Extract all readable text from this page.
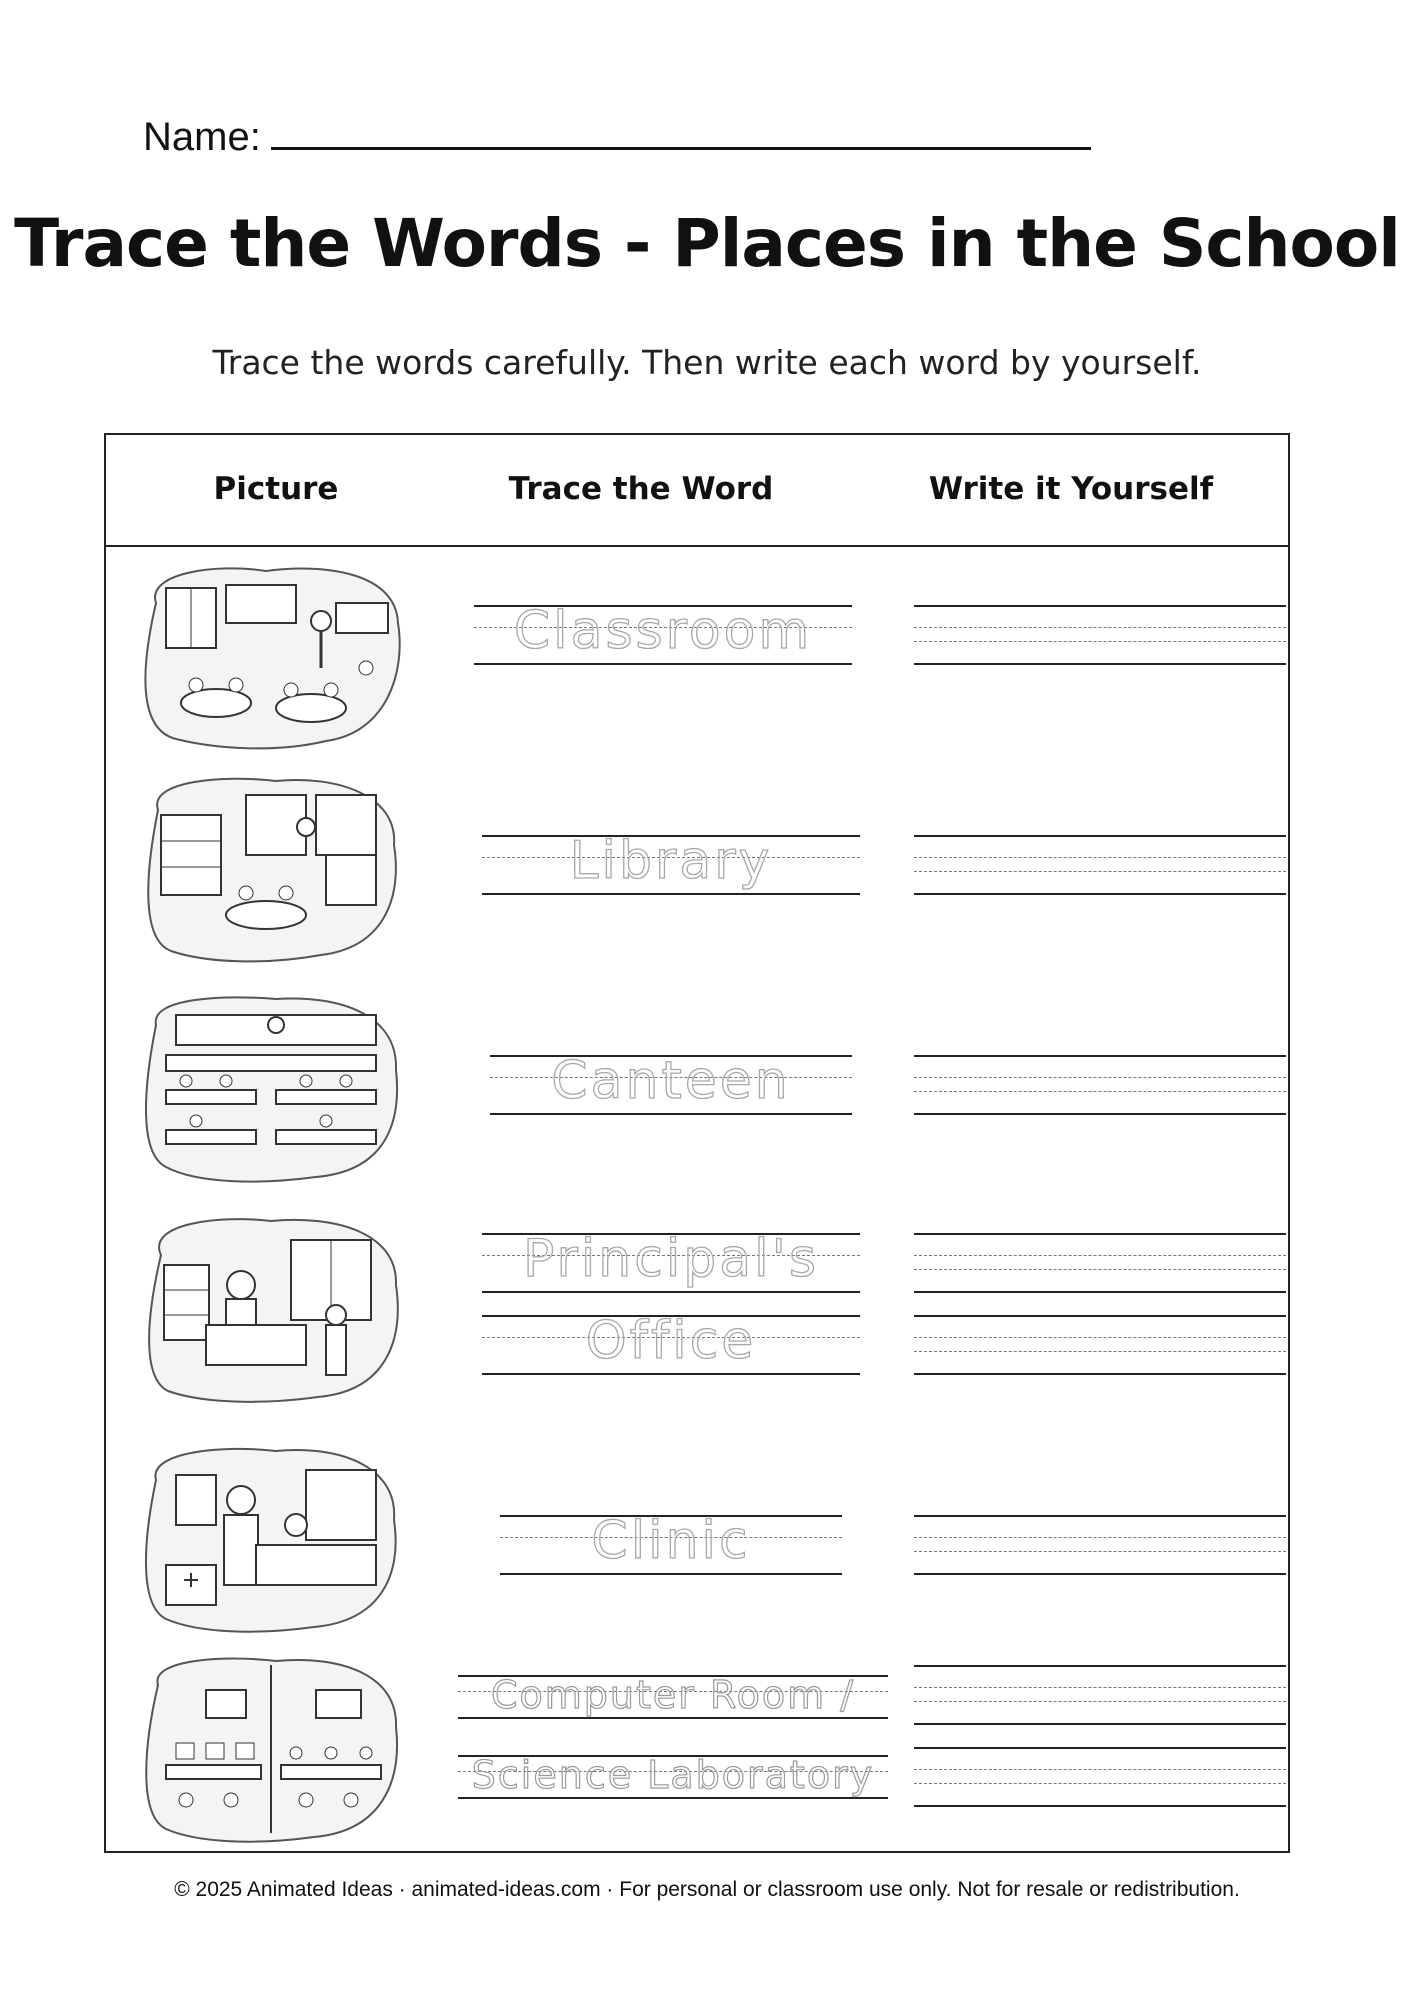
Name:
Trace the Words - Places in the School
Trace the words carefully. Then write each word by yourself.
Picture	Trace the Word	Write it Yourself
Classroom
Library
Canteen
Principal's
Office
Clinic
Computer Room /
Science Laboratory
© 2025 Animated Ideas · animated-ideas.com · For personal or classroom use only. Not for resale or redistribution.
